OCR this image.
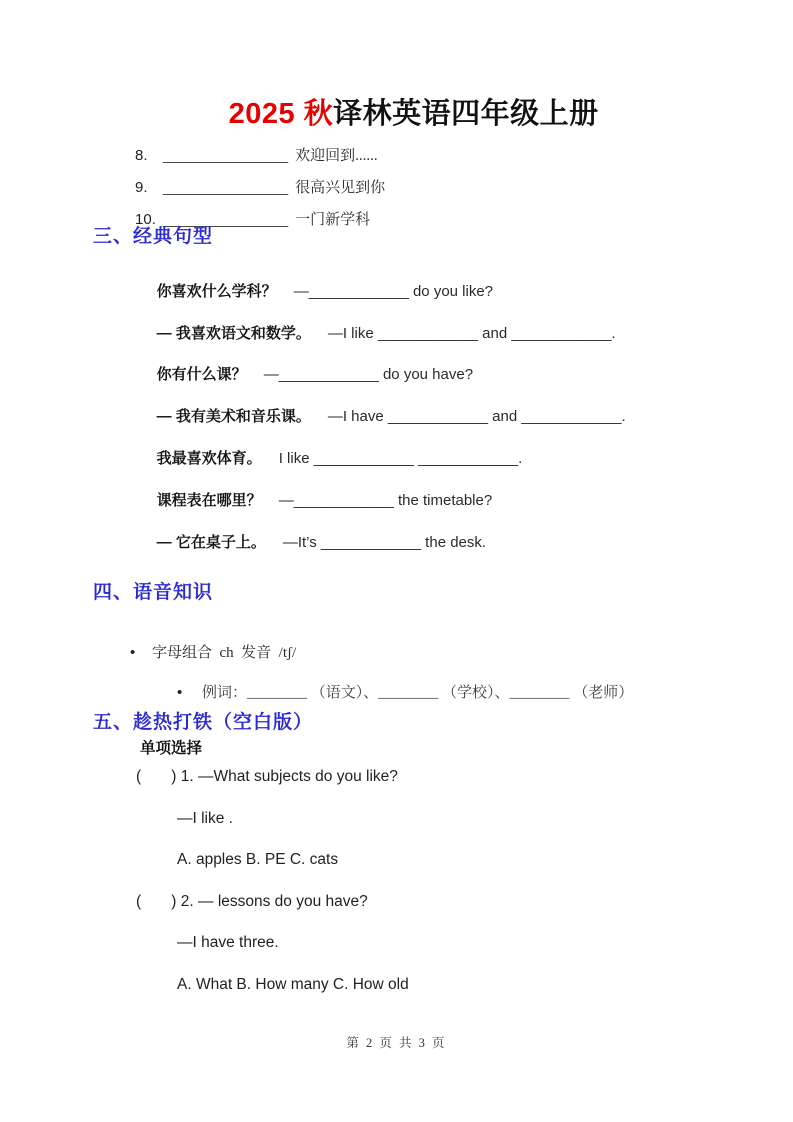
2025 秋译林英语四年级上册

8. _______________ 欢迎回到......

9. _______________ 很高兴见到你

10. _______________ 一门新学科

三、经典句型

你喜欢什么学科？ —____________ do you like?

— 我喜欢语文和数学。 —I like ____________ and ____________.

你有什么课？ —____________ do you have?

— 我有美术和音乐课。 —I have ____________ and ____________.

我最喜欢体育。 I like ____________ ____________.

课程表在哪里？ —____________ the timetable?

— 它在桌子上。 —It’s ____________ the desk.

四、语音知识

• 字母组合  ch  发音  /tʃ/

• 例词：________ （语文）、________ （学校）、________ （老师）

五、趁热打铁（空白版）
单项选择
(       ) 1. —What subjects do you like?
—I like .
A. apples B. PE C. cats
(       ) 2. — lessons do you have?
—I have three.
A. What B. How many C. How old
第 2 页 共 3 页
